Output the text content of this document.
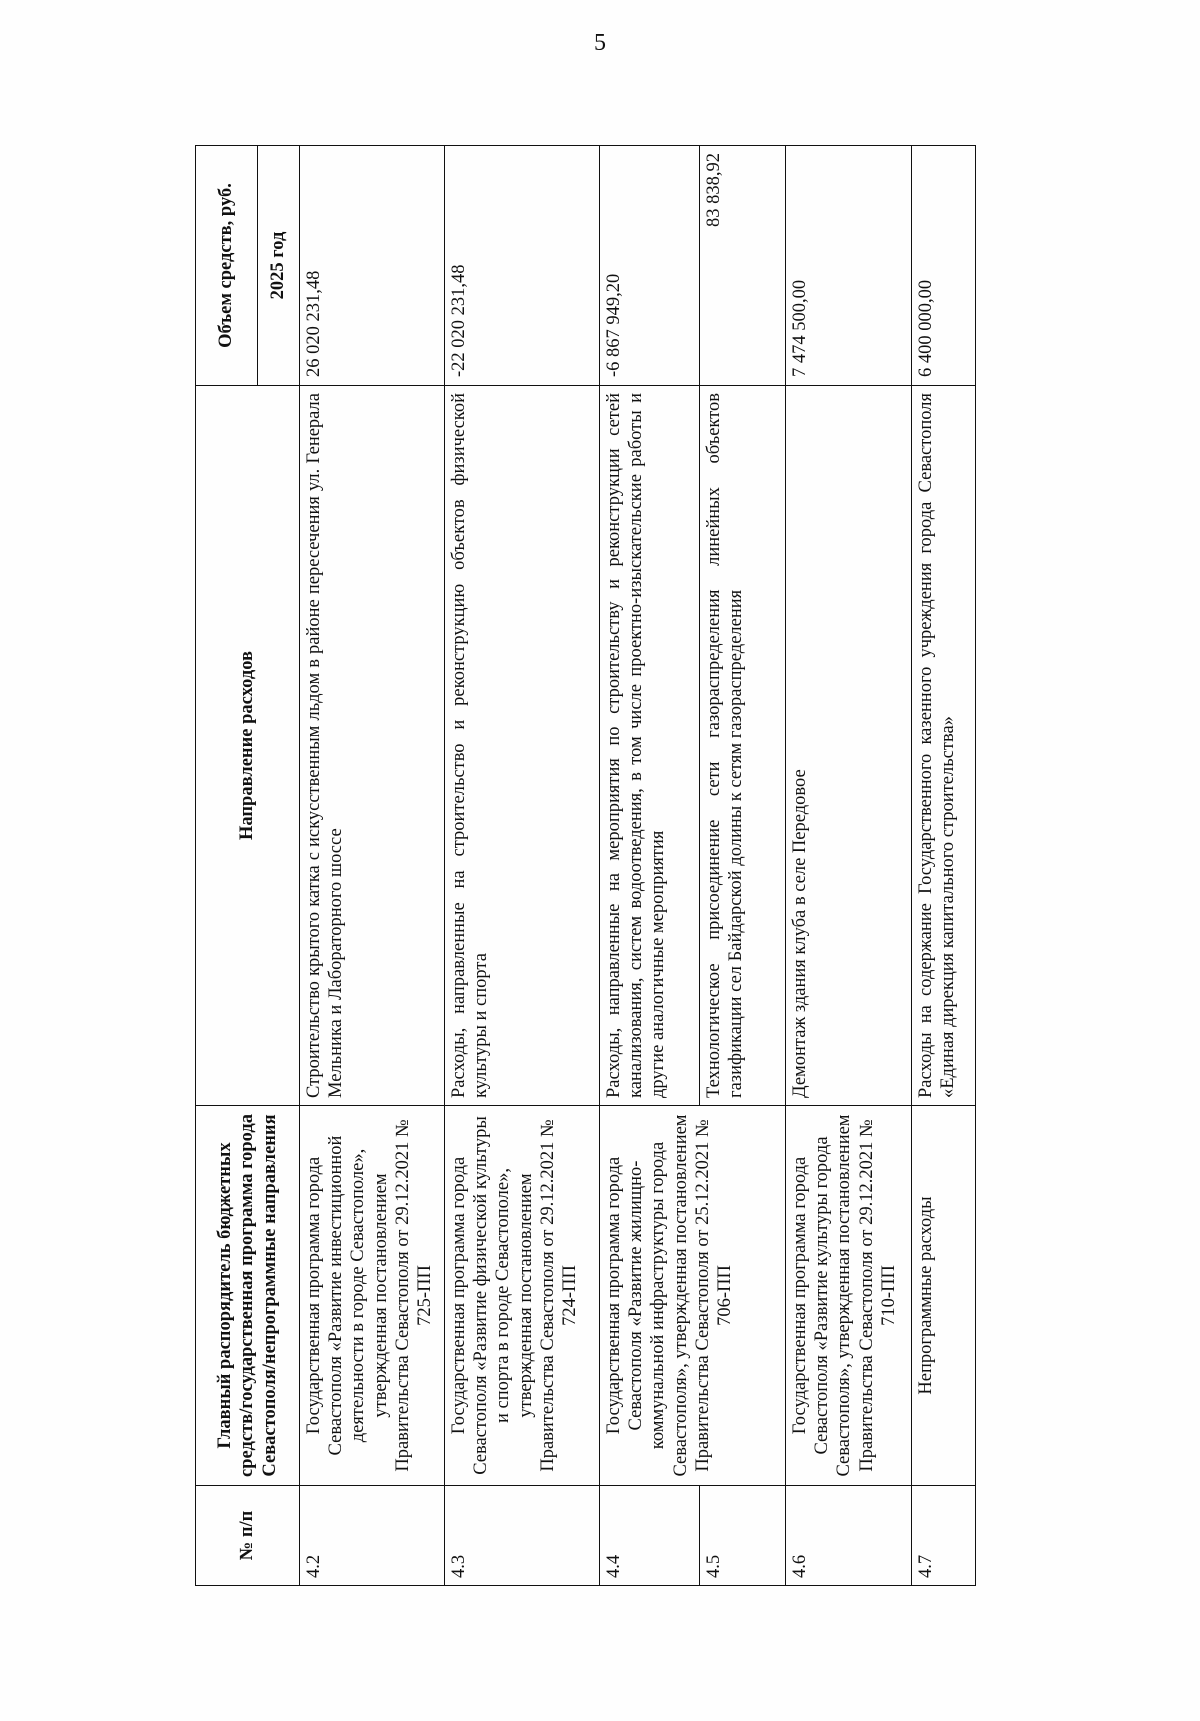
5
№ п/п	Главный распорядитель бюджетных средств/государственная программа города Севастополя/непрограммные направления	Направление расходов	Объем средств, руб.
			2025 год
4.2	Государственная программа города Севастополя «Развитие инвестиционной деятельности в городе Севастополе», утвержденная постановлением Правительства Севастополя от 29.12.2021 № 725-ПП	Строительство крытого катка с искусственным льдом в районе пересечения ул. Генерала Мельника и Лабораторного шоссе	26 020 231,48
4.3	Государственная программа города Севастополя «Развитие физической культуры и спорта в городе Севастополе», утвержденная постановлением Правительства Севастополя от 29.12.2021 № 724-ПП	Расходы, направленные на строительство и реконструкцию объектов физической культуры и спорта	-22 020 231,48
4.4	Государственная программа города Севастополя «Развитие жилищно-коммунальной инфраструктуры города Севастополя», утвержденная постановлением Правительства Севастополя от 25.12.2021 № 706-ПП	Расходы, направленные на мероприятия по строительству и реконструкции сетей канализования, систем водоотведения, в том числе проектно-изыскательские работы и другие аналогичные мероприятия	-6 867 949,20
4.5		Технологическое присоединение сети газораспределения линейных объектов газификации сел Байдарской долины к сетям газораспределения	83 838,92
4.6	Государственная программа города Севастополя «Развитие культуры города Севастополя», утвержденная постановлением Правительства Севастополя от 29.12.2021 № 710-ПП	Демонтаж здания клуба в селе Передовое	7 474 500,00
4.7	Непрограммные расходы	Расходы на содержание Государственного казенного учреждения города Севастополя «Единая дирекция капитального строительства»	6 400 000,00
